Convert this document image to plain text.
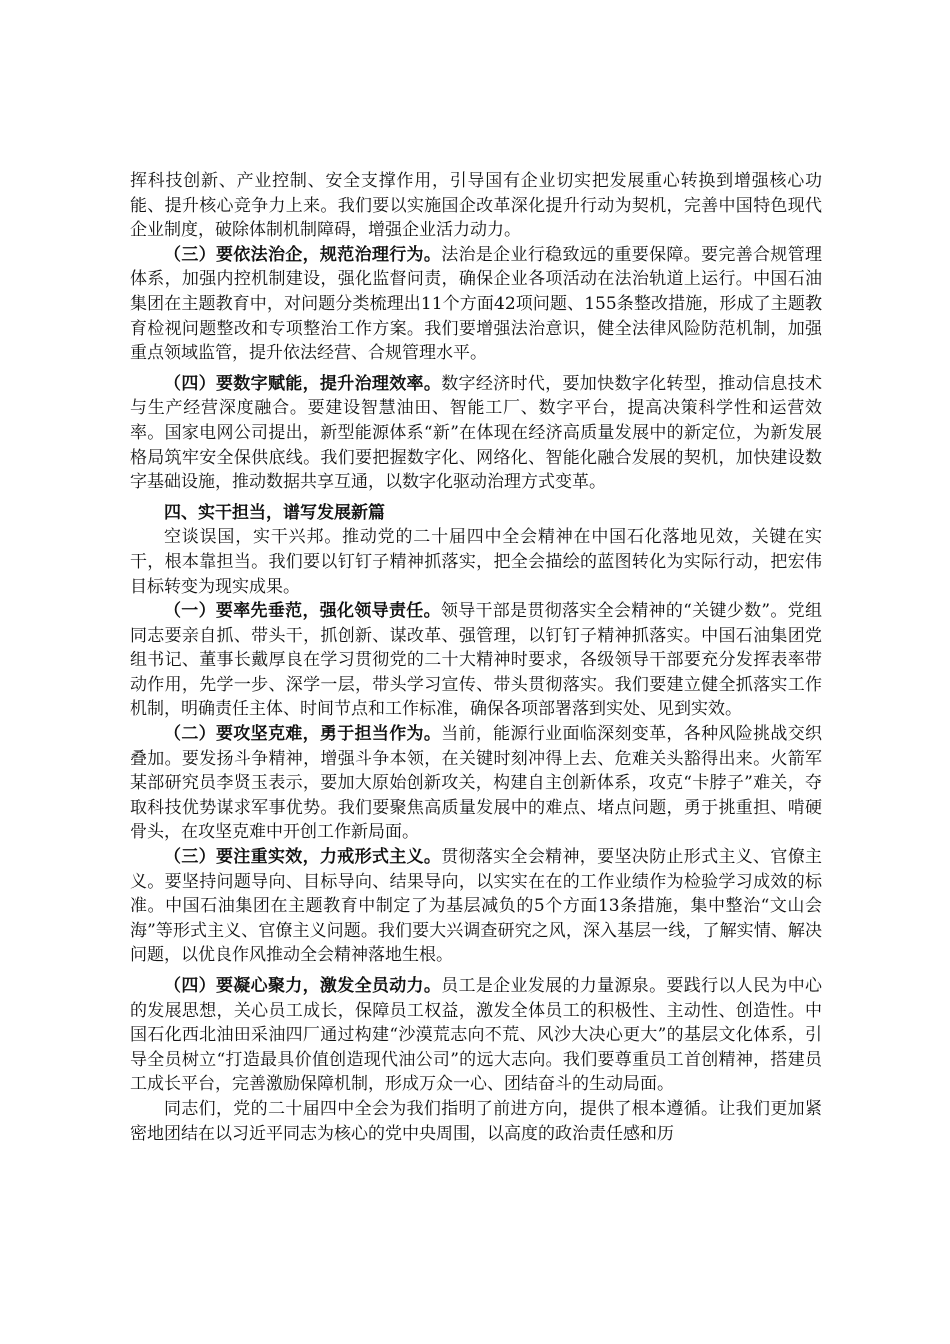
挥科技创新、产业控制、安全支撑作用，引导国有企业切实把发展重心转换到增强核心功能、提升核心竞争力上来。我们要以实施国企改革深化提升行动为契机，完善中国特色现代企业制度，破除体制机制障碍，增强企业活力动力。

（三）要依法治企，规范治理行为。法治是企业行稳致远的重要保障。要完善合规管理体系，加强内控机制建设，强化监督问责，确保企业各项活动在法治轨道上运行。中国石油集团在主题教育中，对问题分类梳理出11个方面42项问题、155条整改措施，形成了主题教育检视问题整改和专项整治工作方案。我们要增强法治意识，健全法律风险防范机制，加强重点领域监管，提升依法经营、合规管理水平。

（四）要数字赋能，提升治理效率。数字经济时代，要加快数字化转型，推动信息技术与生产经营深度融合。要建设智慧油田、智能工厂、数字平台，提高决策科学性和运营效率。国家电网公司提出，新型能源体系“新”在体现在经济高质量发展中的新定位，为新发展格局筑牢安全保供底线。我们要把握数字化、网络化、智能化融合发展的契机，加快建设数字基础设施，推动数据共享互通，以数字化驱动治理方式变革。

四、实干担当，谱写发展新篇

空谈误国，实干兴邦。推动党的二十届四中全会精神在中国石化落地见效，关键在实干，根本靠担当。我们要以钉钉子精神抓落实，把全会描绘的蓝图转化为实际行动，把宏伟目标转变为现实成果。

（一）要率先垂范，强化领导责任。领导干部是贯彻落实全会精神的“关键少数”。党组同志要亲自抓、带头干，抓创新、谋改革、强管理，以钉钉子精神抓落实。中国石油集团党组书记、董事长戴厚良在学习贯彻党的二十大精神时要求，各级领导干部要充分发挥表率带动作用，先学一步、深学一层，带头学习宣传、带头贯彻落实。我们要建立健全抓落实工作机制，明确责任主体、时间节点和工作标准，确保各项部署落到实处、见到实效。

（二）要攻坚克难，勇于担当作为。当前，能源行业面临深刻变革，各种风险挑战交织叠加。要发扬斗争精神，增强斗争本领，在关键时刻冲得上去、危难关头豁得出来。火箭军某部研究员李贤玉表示，要加大原始创新攻关，构建自主创新体系，攻克“卡脖子”难关，夺取科技优势谋求军事优势。我们要聚焦高质量发展中的难点、堵点问题，勇于挑重担、啃硬骨头，在攻坚克难中开创工作新局面。

（三）要注重实效，力戒形式主义。贯彻落实全会精神，要坚决防止形式主义、官僚主义。要坚持问题导向、目标导向、结果导向，以实实在在的工作业绩作为检验学习成效的标准。中国石油集团在主题教育中制定了为基层减负的5个方面13条措施，集中整治“文山会海”等形式主义、官僚主义问题。我们要大兴调查研究之风，深入基层一线，了解实情、解决问题，以优良作风推动全会精神落地生根。

（四）要凝心聚力，激发全员动力。员工是企业发展的力量源泉。要践行以人民为中心的发展思想，关心员工成长，保障员工权益，激发全体员工的积极性、主动性、创造性。中国石化西北油田采油四厂通过构建“沙漠荒志向不荒、风沙大决心更大”的基层文化体系，引导全员树立“打造最具价值创造现代油公司”的远大志向。我们要尊重员工首创精神，搭建员工成长平台，完善激励保障机制，形成万众一心、团结奋斗的生动局面。

同志们，党的二十届四中全会为我们指明了前进方向，提供了根本遵循。让我们更加紧密地团结在以习近平同志为核心的党中央周围，以高度的政治责任感和历
